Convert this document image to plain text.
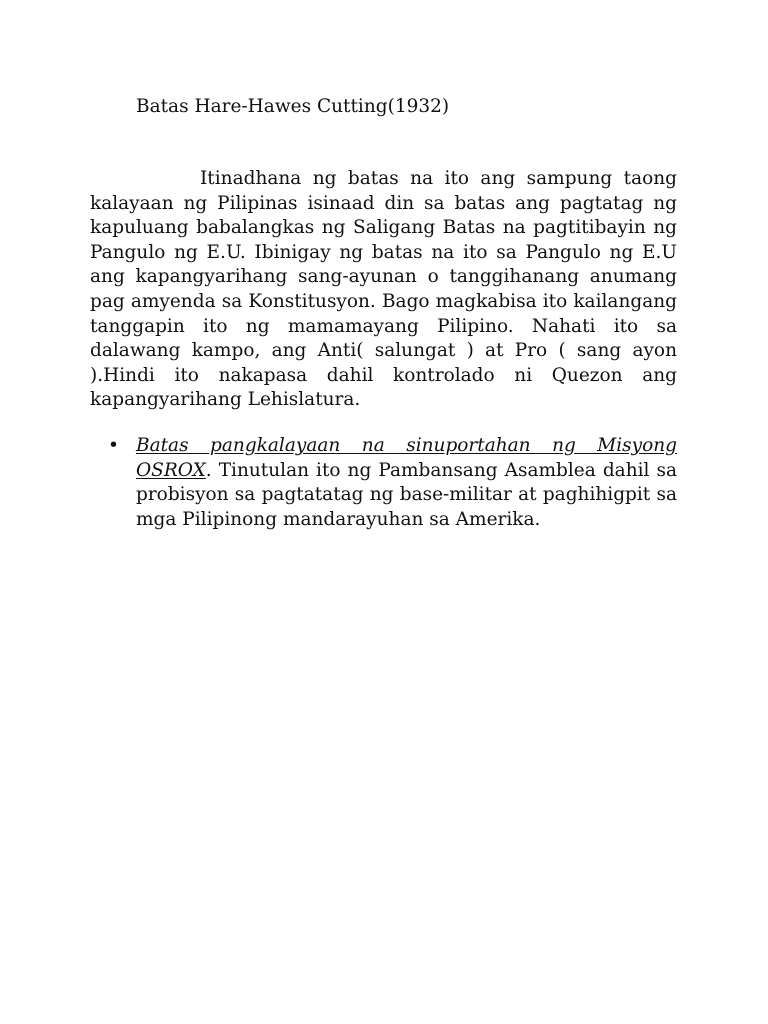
Batas Hare-Hawes Cutting(1932)

Itinadhana ng batas na ito ang sampung taong kalayaan ng Pilipinas isinaad din sa batas ang pagtatag ng kapuluang babalangkas ng Saligang Batas na pagtitibayin ng Pangulo ng E.U. Ibinigay ng batas na ito sa Pangulo ng E.U ang kapangyarihang sang-ayunan o tanggihanang anumang pag amyenda sa Konstitusyon. Bago magkabisa ito kailangang tanggapin ito ng mamamayang Pilipino. Nahati ito sa dalawang kampo, ang Anti( salungat ) at Pro ( sang ayon ).Hindi ito nakapasa dahil kontrolado ni Quezon ang kapangyarihang Lehislatura.

• Batas pangkalayaan na sinuportahan ng Misyong OSROX. Tinutulan ito ng Pambansang Asamblea dahil sa probisyon sa pagtatatag ng base-militar at paghihigpit sa mga Pilipinong mandarayuhan sa Amerika.
